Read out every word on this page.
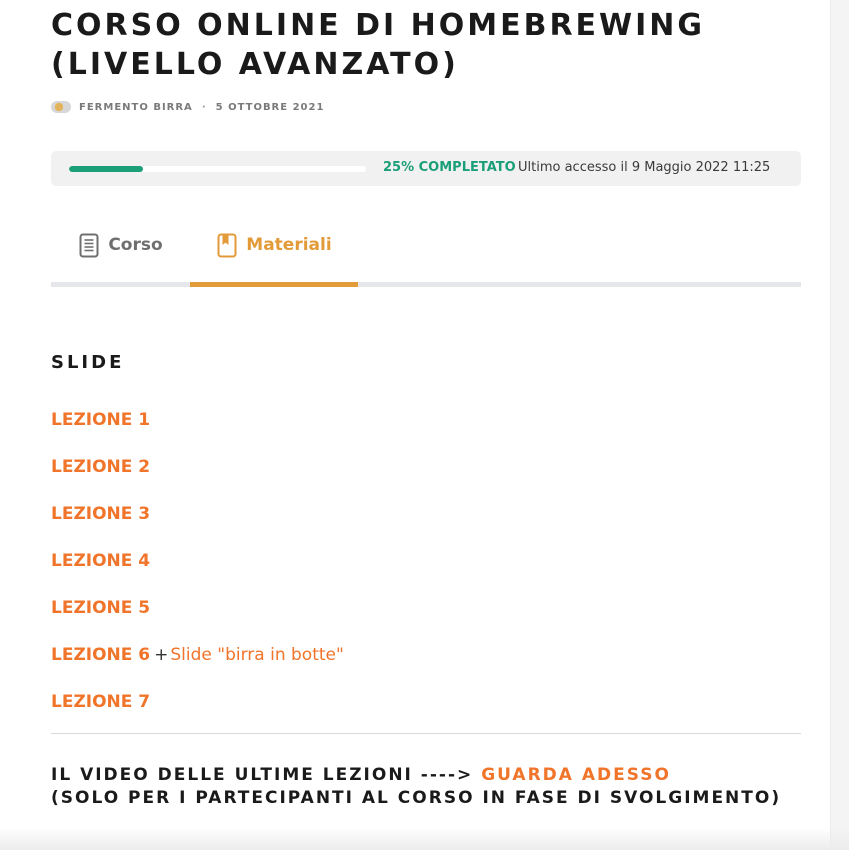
CORSO ONLINE DI HOMEBREWING (LIVELLO AVANZATO)
FERMENTO BIRRA · 5 OTTOBRE 2021
25% COMPLETATO Ultimo accesso il 9 Maggio 2022 11:25
Corso	Materiali
SLIDE
LEZIONE 1
LEZIONE 2
LEZIONE 3
LEZIONE 4
LEZIONE 5
LEZIONE 6 + Slide "birra in botte"
LEZIONE 7

IL VIDEO DELLE ULTIME LEZIONI ----> GUARDA ADESSO

(SOLO PER I PARTECIPANTI AL CORSO IN FASE DI SVOLGIMENTO)
